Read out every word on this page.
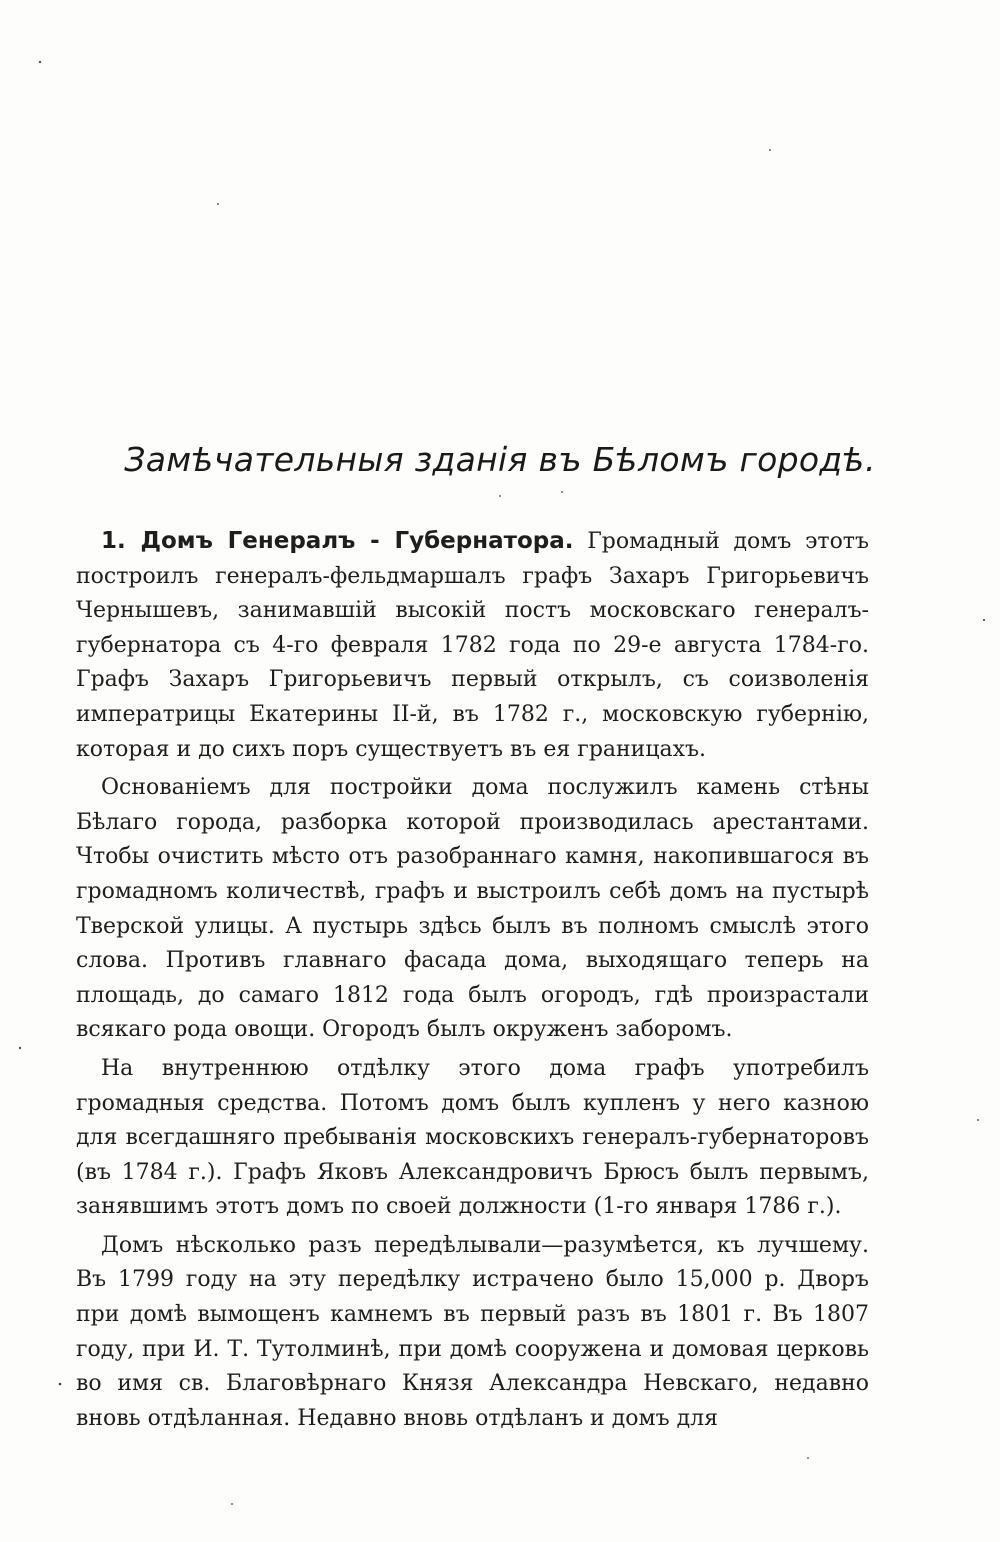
Замѣчательныя зданія въ Бѣломъ городѣ.

1. Домъ Генералъ - Губернатора. Громадный домъ этотъ построилъ генералъ-фельдмаршалъ графъ Захаръ Григорьевичъ Чернышевъ, занимавшій высокій постъ московскаго генералъ-губернатора съ 4-го февраля 1782 года по 29-е августа 1784-го. Графъ Захаръ Григорьевичъ первый открылъ, съ соизволенія императрицы Екатерины II-й, въ 1782 г., московскую губернію, которая и до сихъ поръ существуетъ въ ея границахъ.

Основаніемъ для постройки дома послужилъ камень стѣны Бѣлаго города, разборка которой производилась арестантами. Чтобы очистить мѣсто отъ разобраннаго камня, накопившагося въ громадномъ количествѣ, графъ и выстроилъ себѣ домъ на пустырѣ Тверской улицы. А пустырь здѣсь былъ въ полномъ смыслѣ этого слова. Противъ главнаго фасада дома, выходящаго теперь на площадь, до самаго 1812 года былъ огородъ, гдѣ произрастали всякаго рода овощи. Огородъ былъ окруженъ заборомъ.

На внутреннюю отдѣлку этого дома графъ употребилъ громадныя средства. Потомъ домъ былъ купленъ у него казною для всегдашняго пребыванія московскихъ генералъ-губернаторовъ (въ 1784 г.). Графъ Яковъ Александровичъ Брюсъ былъ первымъ, занявшимъ этотъ домъ по своей должности (1-го января 1786 г.).

Домъ нѣсколько разъ передѣлывали—разумѣется, къ лучшему. Въ 1799 году на эту передѣлку истрачено было 15,000 р. Дворъ при домѣ вымощенъ камнемъ въ первый разъ въ 1801 г. Въ 1807 году, при И. Т. Тутолминѣ, при домѣ сооружена и домовая церковь во имя св. Благовѣрнаго Князя Александра Невскаго, недавно вновь отдѣланная. Недавно вновь отдѣланъ и домъ для
